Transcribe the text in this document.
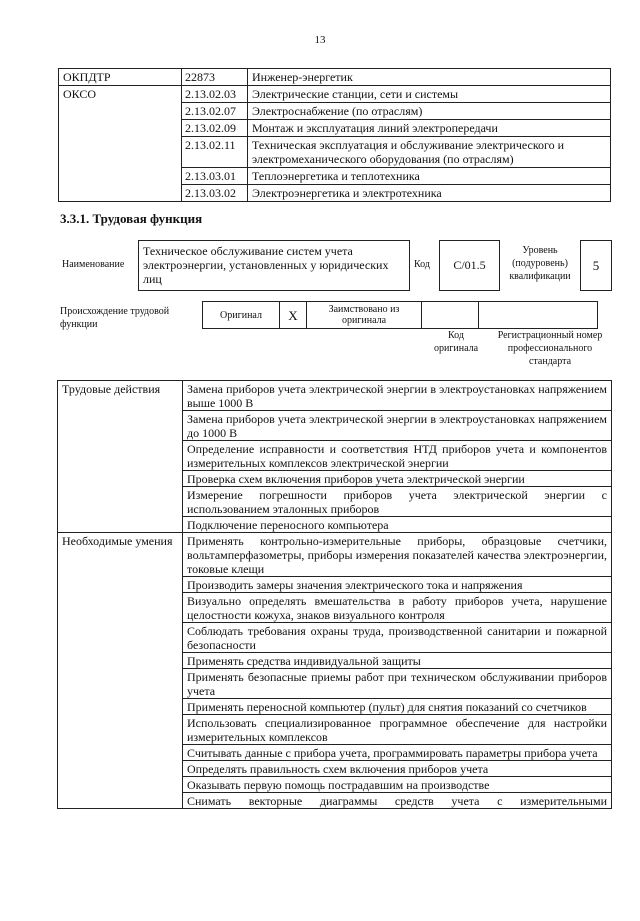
13
ОКПДТР	22873	Инженер-энергетик
ОКСО	2.13.02.03	Электрические станции, сети и системы
	2.13.02.07	Электроснабжение (по отраслям)
	2.13.02.09	Монтаж и эксплуатация линий электропередачи
	2.13.02.11	Техническая эксплуатация и обслуживание электрического и электромеханического оборудования (по отраслям)
	2.13.03.01	Теплоэнергетика и теплотехника
	2.13.03.02	Электроэнергетика и электротехника
3.3.1. Трудовая функция
Наименование
Техническое обслуживание систем учета электроэнергии, установленных у юридических лиц
Код	C/01.5
Уровень (подуровень) квалификации
5
Происхождение трудовой функции
Оригинал	X	Заимствовано из оригинала		
Код оригинала
Регистрационный номер профессионального стандарта
Трудовые действия	Замена приборов учета электрической энергии в электроустановках напряжением выше 1000 В
	Замена приборов учета электрической энергии в электроустановках напряжением до 1000 В
	Определение исправности и соответствия НТД приборов учета и компонентов измерительных комплексов электрической энергии
	Проверка схем включения приборов учета электрической энергии
	Измерение погрешности приборов учета электрической энергии с использованием эталонных приборов
	Подключение переносного компьютера
Необходимые умения	Применять контрольно-измерительные приборы, образцовые счетчики, вольтамперфазометры, приборы измерения показателей качества электроэнергии, токовые клещи
	Производить замеры значения электрического тока и напряжения
	Визуально определять вмешательства в работу приборов учета, нарушение целостности кожуха, знаков визуального контроля
	Соблюдать требования охраны труда, производственной санитарии и пожарной безопасности
	Применять средства индивидуальной защиты
	Применять безопасные приемы работ при техническом обслуживании приборов учета
	Применять переносной компьютер (пульт) для снятия показаний со счетчиков
	Использовать специализированное программное обеспечение для настройки измерительных комплексов
	Считывать данные с прибора учета, программировать параметры прибора учета
	Определять правильность схем включения приборов учета
	Оказывать первую помощь пострадавшим на производстве
	Снимать векторные диаграммы средств учета с измерительными
